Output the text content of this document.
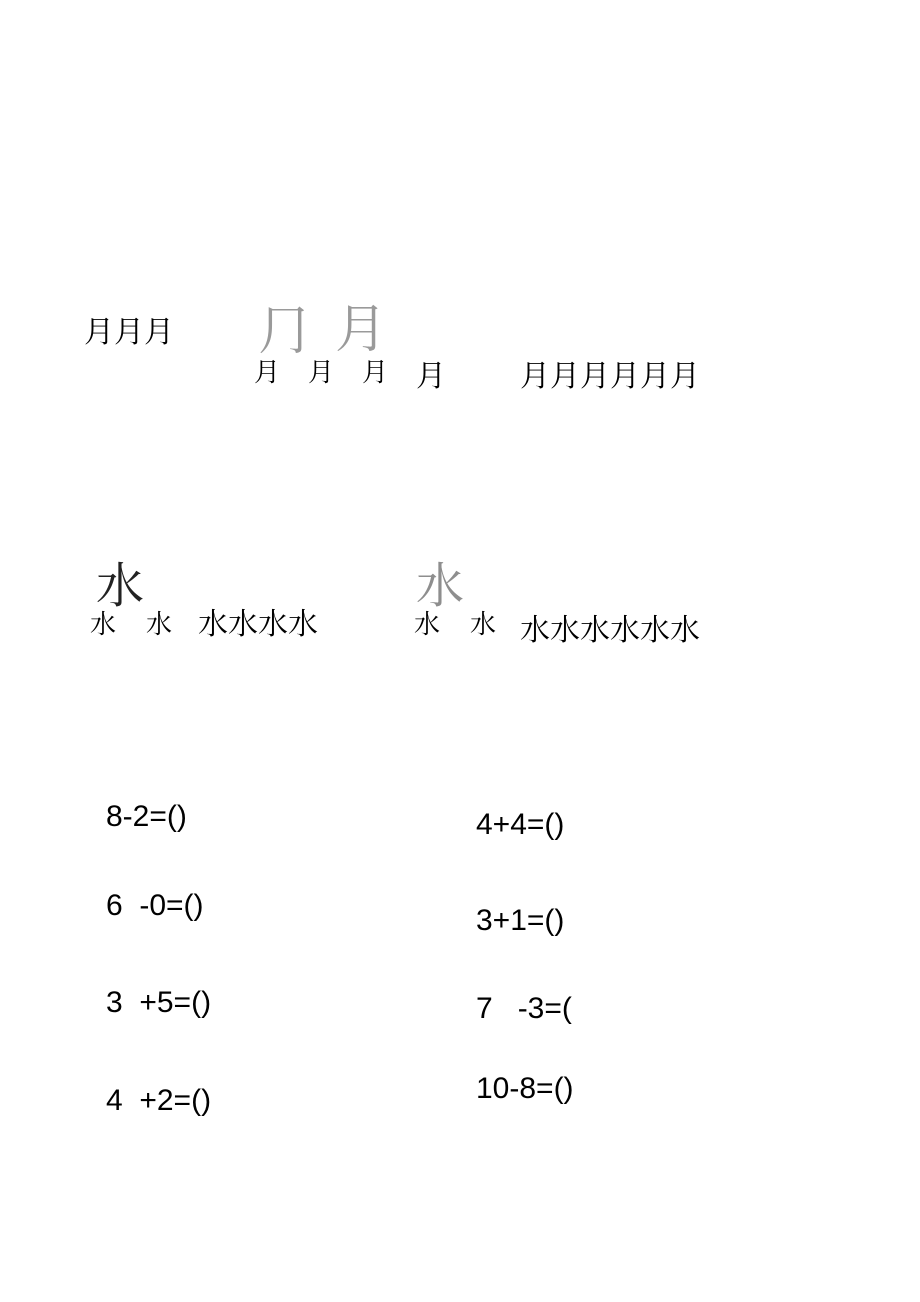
月月月 ⺆ 月
月 月 月 月 月月月月月月
水
水 水 水水水水
水
水 水 水水水水水水
8-2=()
6  -0=()
3  +5=()
4  +2=()
4+4=()
3+1=()
7   -3=(
10-8=()
